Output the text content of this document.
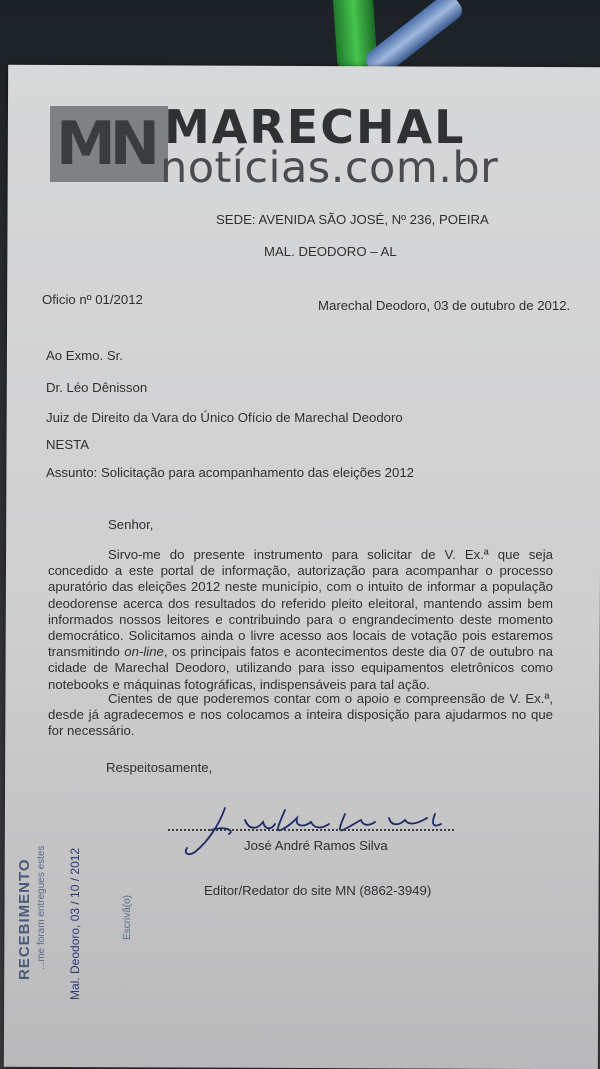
MN MARECHAL
notícias.com.br
SEDE: AVENIDA SÃO JOSÉ, Nº 236, POEIRA
MAL. DEODORO – AL
Oficio nº 01/2012	Marechal Deodoro, 03 de outubro de 2012.
Ao Exmo. Sr.
Dr. Léo Dênisson
Juiz de Direito da Vara do Único Ofício de Marechal Deodoro
NESTA
Assunto: Solicitação para acompanhamento das eleições 2012
Senhor,
Sirvo-me do presente instrumento para solicitar de V. Ex.ª que seja concedido a este portal de informação, autorização para acompanhar o processo apuratório das eleições 2012 neste município, com o intuito de informar a população deodorense acerca dos resultados do referido pleito eleitoral, mantendo assim bem informados nossos leitores e contribuindo para o engrandecimento deste momento democrático. Solicitamos ainda o livre acesso aos locais de votação pois estaremos transmitindo on-line, os principais fatos e acontecimentos deste dia 07 de outubro na cidade de Marechal Deodoro, utilizando para isso equipamentos eletrônicos como notebooks e máquinas fotográficas, indispensáveis para tal ação.
Cientes de que poderemos contar com o apoio e compreensão de V. Ex.ª, desde já agradecemos e nos colocamos a inteira disposição para ajudarmos no que for necessário.
Respeitosamente,
José André Ramos Silva
Editor/Redator do site MN (8862-3949)
RECEBIMENTO ...me foram entregues estes Mal. Deodoro, 03 / 10 / 2012	Escrivã(o)
